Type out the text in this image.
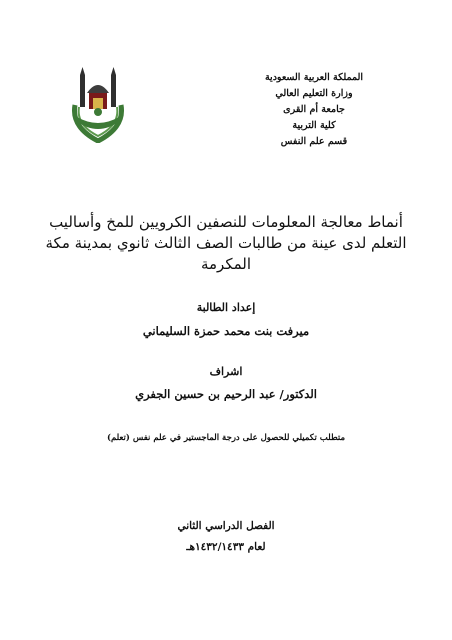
المملكة العربية السعودية
وزارة التعليم العالي
جامعة أم القرى
كلية التربية
قسم علم النفس
أنماط معالجة المعلومات للنصفين الكرويين للمخ وأساليب التعلم لدى عينة من طالبات الصف الثالث ثانوي بمدينة مكة المكرمة
إعداد الطالبة
ميرفت بنت محمد حمزة السليماني
اشراف
الدكتور/ عبد الرحيم بن حسين الجفري
متطلب تكميلي للحصول على درجة الماجستير في علم نفس (تعلم)
الفصل الدراسي الثاني
لعام ١٤٣٢/١٤٣٣هـ
